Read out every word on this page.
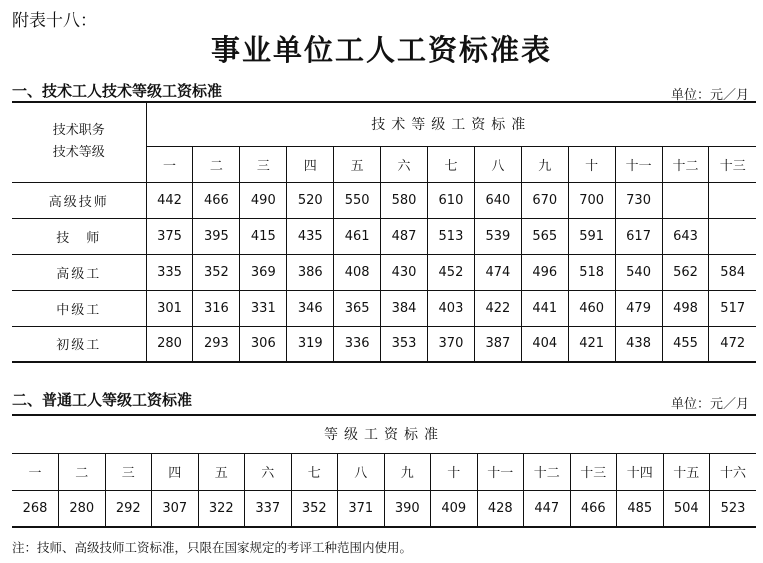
附表十八：
事业单位工人工资标准表
一、技术工人技术等级工资标准	单位：元／月
技术职务
技术等级	技术等级工资标准												
	一	二	三	四	五	六	七	八	九	十	十一	十二	十三
高级技师	442	466	490	520	550	580	610	640	670	700	730		
技　师	375	395	415	435	461	487	513	539	565	591	617	643	
高级工	335	352	369	386	408	430	452	474	496	518	540	562	584
中级工	301	316	331	346	365	384	403	422	441	460	479	498	517
初级工	280	293	306	319	336	353	370	387	404	421	438	455	472
二、普通工人等级工资标准	单位：元／月
等级工资标准															
一	二	三	四	五	六	七	八	九	十	十一	十二	十三	十四	十五	十六
268	280	292	307	322	337	352	371	390	409	428	447	466	485	504	523
注：技师、高级技师工资标准，只限在国家规定的考评工种范围内使用。
